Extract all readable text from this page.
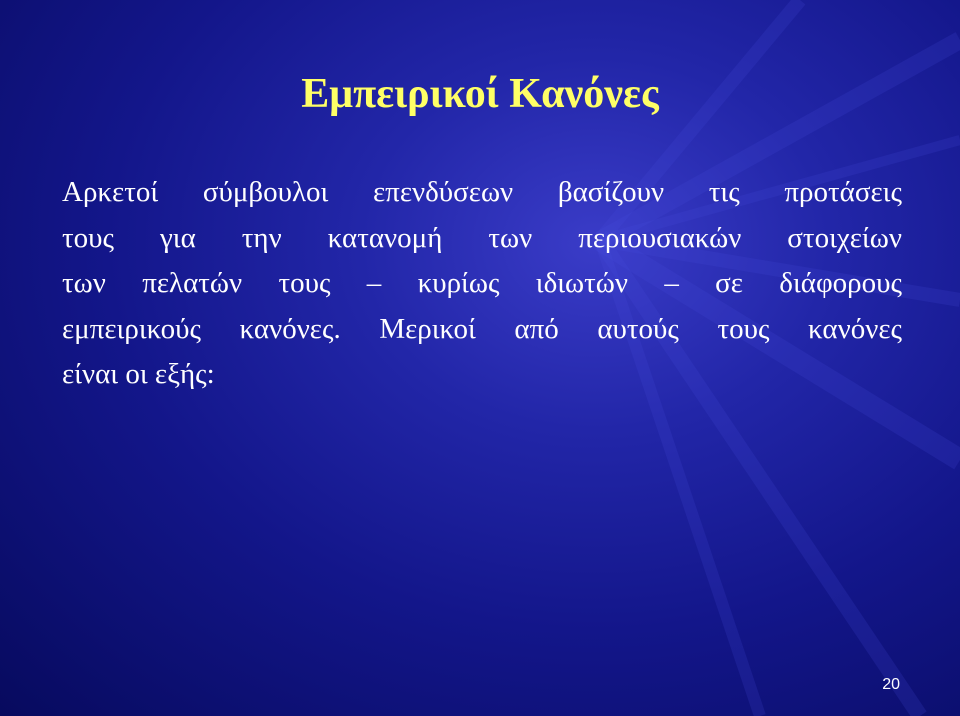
Εμπειρικοί Κανόνες
Αρκετοί σύμβουλοι επενδύσεων βασίζουν τις προτάσεις
τους για την κατανομή των περιουσιακών στοιχείων
των πελατών τους – κυρίως ιδιωτών – σε διάφορους
εμπειρικούς κανόνες. Μερικοί από αυτούς τους κανόνες
είναι οι εξής:
20
